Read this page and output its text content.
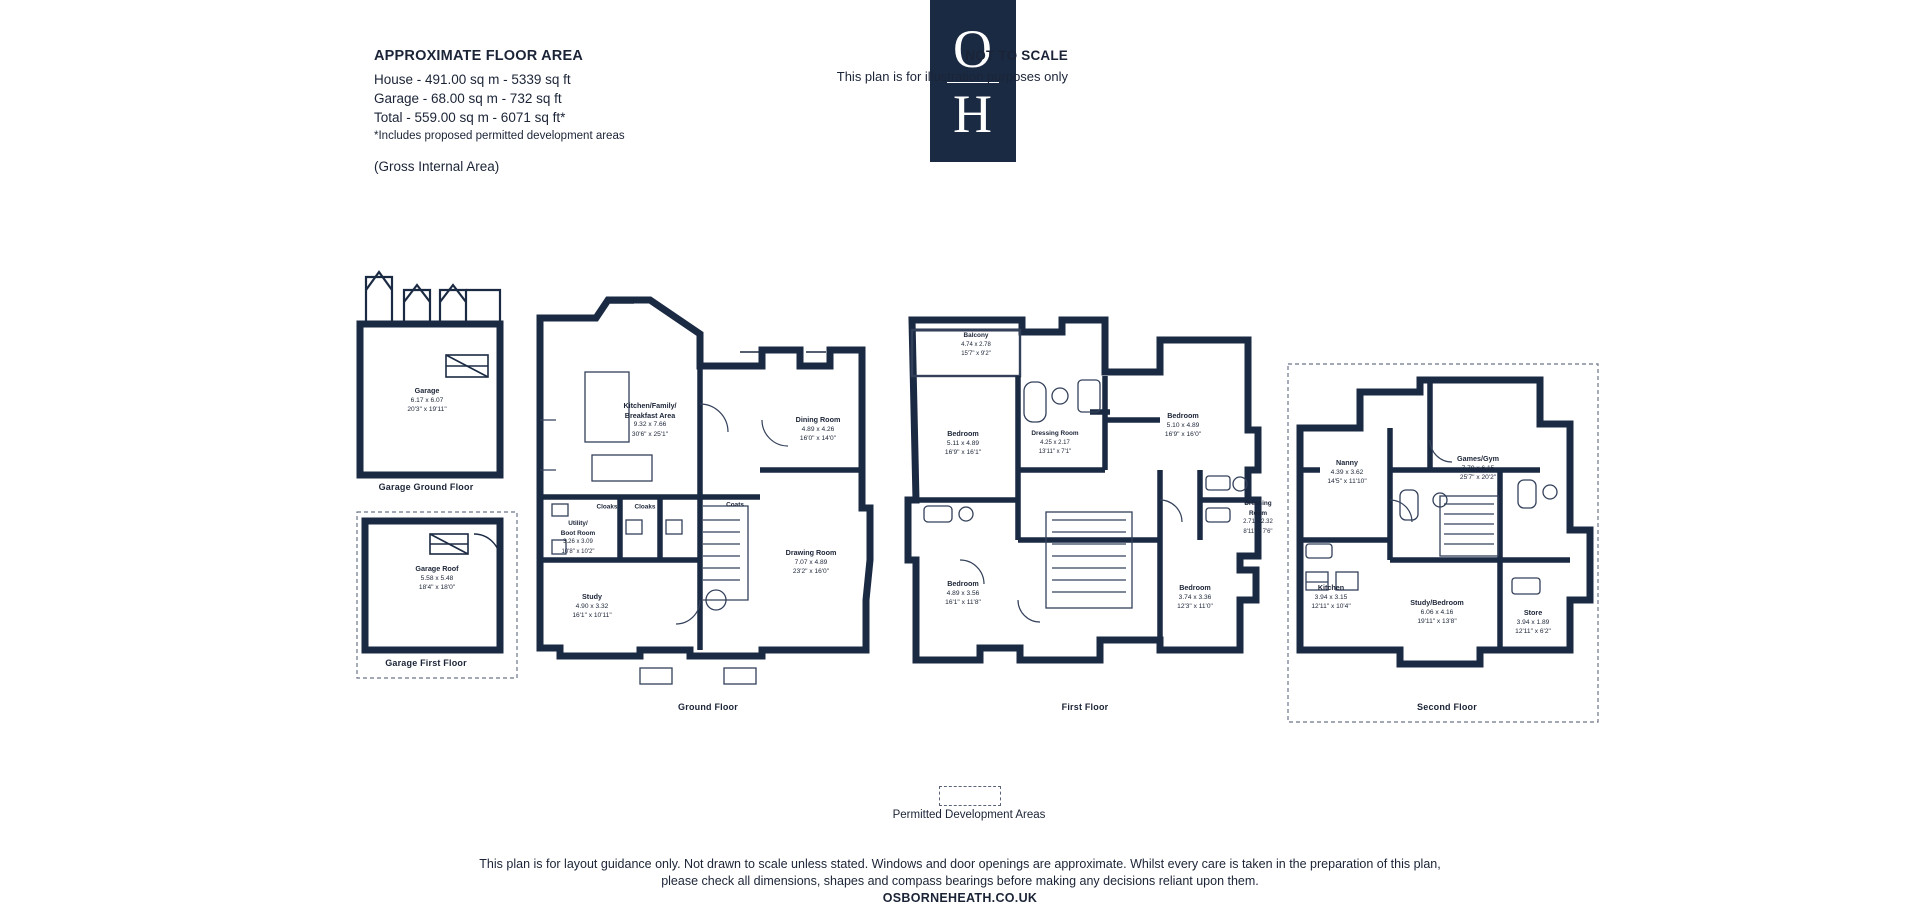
O
H
APPROXIMATE FLOOR AREA
House - 491.00 sq m - 5339 sq ft
Garage - 68.00 sq m - 732 sq ft
Total - 559.00 sq m - 6071 sq ft*
*Includes proposed permitted development areas
(Gross Internal Area)
NOT TO SCALE
This plan is for illustration purposes only
Garage Ground Floor
Garage First Floor
Ground Floor	First Floor	Second Floor
Garage
6.17 x 6.07
20'3" x 19'11"
Garage Roof
5.58 x 5.48
18'4" x 18'0"
Kitchen/Family/
Breakfast Area
9.32 x 7.66
30'6" x 25'1"
Dining Room
4.89 x 4.26
16'0" x 14'0"
Drawing Room
7.07 x 4.89
23'2" x 16'0"
Utility/
Boot Room
3.26 x 3.09
10'8" x 10'2"
Study
4.90 x 3.32
16'1" x 10'11"
Cloaks	Cloaks	Coats
Balcony
4.74 x 2.78
15'7" x 9'2"
Bedroom
5.11 x 4.89
16'9" x 16'1"
Dressing Room
4.25 x 2.17
13'11" x 7'1"
Bedroom
5.10 x 4.89
16'9" x 16'0"
Dressing
Room
2.71 x 2.32
8'11" x 7'6"
Bedroom
4.89 x 3.56
16'1" x 11'8"
Bedroom
3.74 x 3.36
12'3" x 11'0"
Nanny
4.39 x 3.62
14'5" x 11'10"
Games/Gym
7.79 x 6.15
25'7" x 20'2"
Kitchen
3.94 x 3.15
12'11" x 10'4"	Study/Bedroom
6.06 x 4.16
19'11" x 13'8"
Store
3.94 x 1.89
12'11" x 6'2"
Permitted Development Areas
This plan is for layout guidance only. Not drawn to scale unless stated. Windows and door openings are approximate. Whilst every care is taken in the preparation of this plan, please check all dimensions, shapes and compass bearings before making any decisions reliant upon them.
OSBORNEHEATH.CO.UK
